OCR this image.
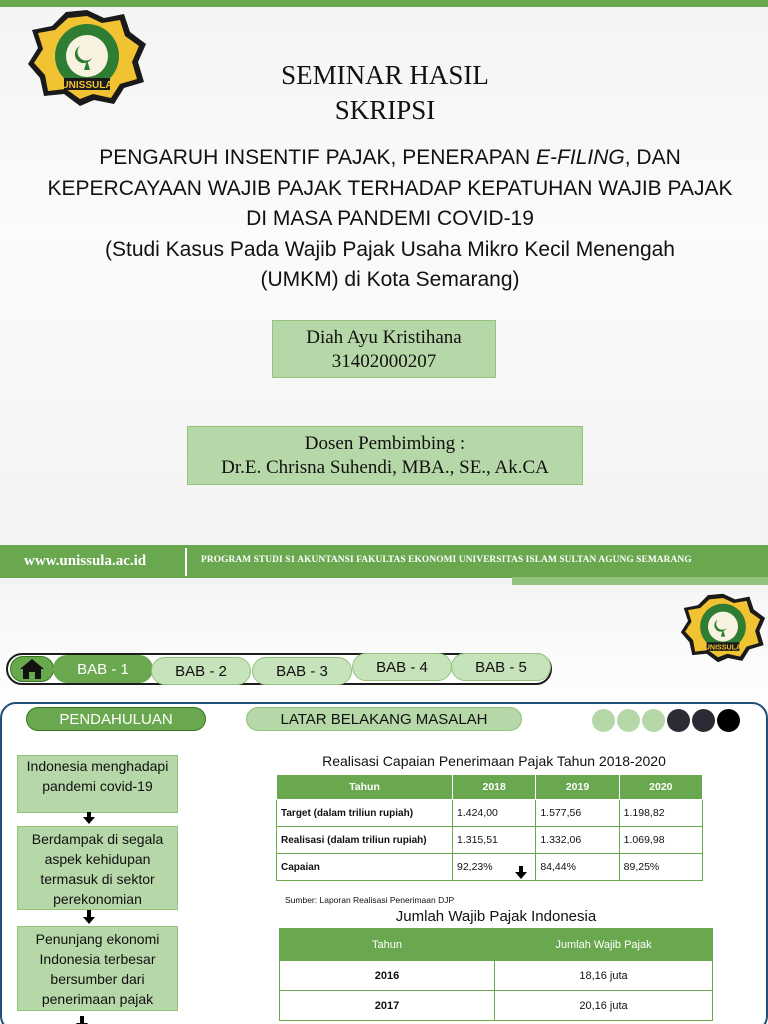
UNISSULA	SEMINAR HASIL
SKRIPSI
PENGARUH INSENTIF PAJAK, PENERAPAN E-FILING, DAN
KEPERCAYAAN WAJIB PAJAK TERHADAP KEPATUHAN WAJIB PAJAK
DI MASA PANDEMI COVID-19
(Studi Kasus Pada Wajib Pajak Usaha Mikro Kecil Menengah
(UMKM) di Kota Semarang)
Diah Ayu Kristihana
31402000207
Dosen Pembimbing :
Dr.E. Chrisna Suhendi, MBA., SE., Ak.CA
www.unissula.ac.id	PROGRAM STUDI S1 AKUNTANSI FAKULTAS EKONOMI UNIVERSITAS ISLAM SULTAN AGUNG SEMARANG
UNISSULA
BAB - 1	BAB - 2	BAB - 3	BAB - 4	BAB - 5
PENDAHULUAN	LATAR BELAKANG MASALAH
Indonesia menghadapi pandemi covid-19
Berdampak di segala aspek kehidupan termasuk di sektor perekonomian
Penunjang ekonomi Indonesia terbesar bersumber dari penerimaan pajak
Realisasi Capaian Penerimaan Pajak Tahun 2018-2020
Tahun	2018	2019	2020
Target (dalam triliun rupiah)	1.424,00	1.577,56	1.198,82
Realisasi (dalam triliun rupiah)	1.315,51	1.332,06	1.069,98
Capaian	92,23%	84,44%	89,25%
Sumber: Laporan Realisasi Penerimaan DJP
Jumlah Wajib Pajak Indonesia
Tahun	Jumlah Wajib Pajak
2016	18,16 juta
2017	20,16 juta
